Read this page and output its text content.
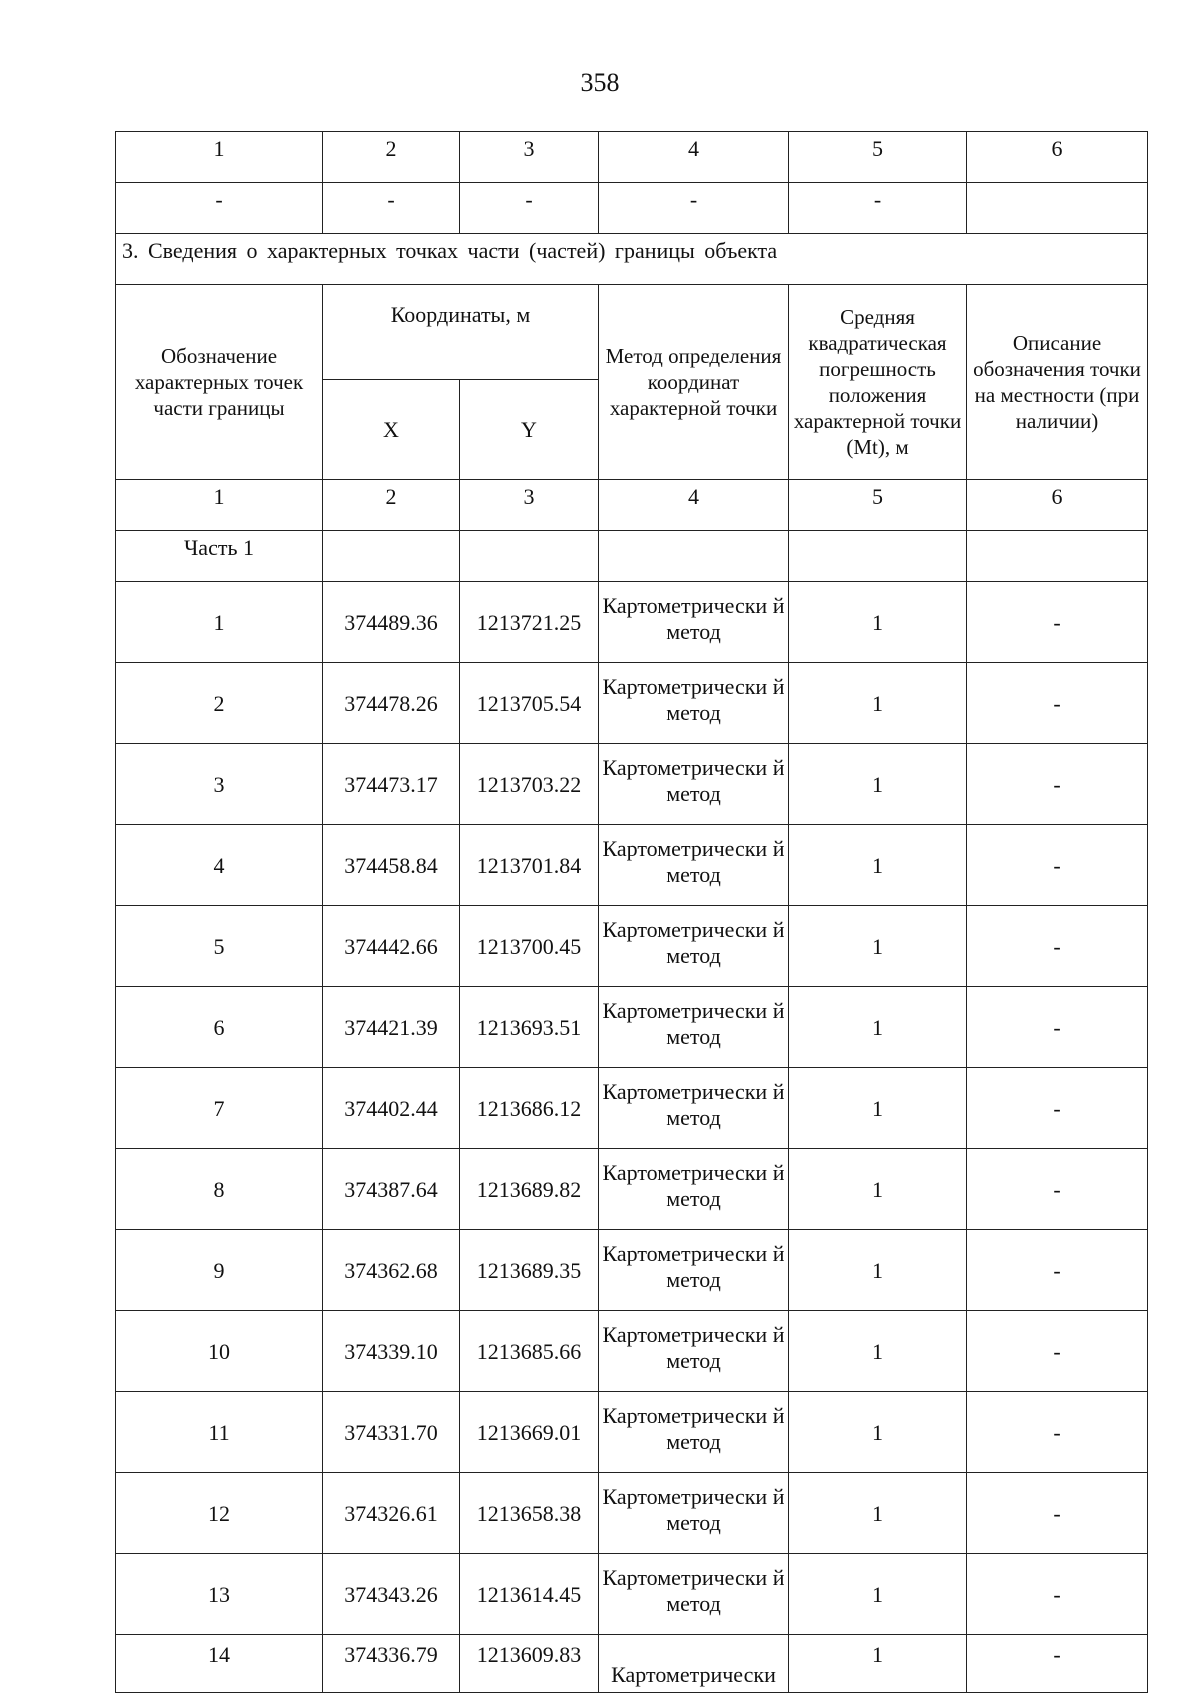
358
1	2	3	4	5	6
-	-	-	-	-	
3. Сведения о характерных точках части (частей) границы объекта					
Обозначение характерных точек части границы	Координаты, м		Метод определения координат характерной точки	Средняя квадратическая погрешность положения характерной точки (Mt), м	Описание обозначения точки на местности (при наличии)
	X	Y			
1	2	3	4	5	6
Часть 1					
1	374489.36	1213721.25	Картометрически й метод	1	-
2	374478.26	1213705.54	Картометрически й метод	1	-
3	374473.17	1213703.22	Картометрически й метод	1	-
4	374458.84	1213701.84	Картометрически й метод	1	-
5	374442.66	1213700.45	Картометрически й метод	1	-
6	374421.39	1213693.51	Картометрически й метод	1	-
7	374402.44	1213686.12	Картометрически й метод	1	-
8	374387.64	1213689.82	Картометрически й метод	1	-
9	374362.68	1213689.35	Картометрически й метод	1	-
10	374339.10	1213685.66	Картометрически й метод	1	-
11	374331.70	1213669.01	Картометрически й метод	1	-
12	374326.61	1213658.38	Картометрически й метод	1	-
13	374343.26	1213614.45	Картометрически й метод	1	-
14	374336.79	1213609.83	Картометрически	1	-
